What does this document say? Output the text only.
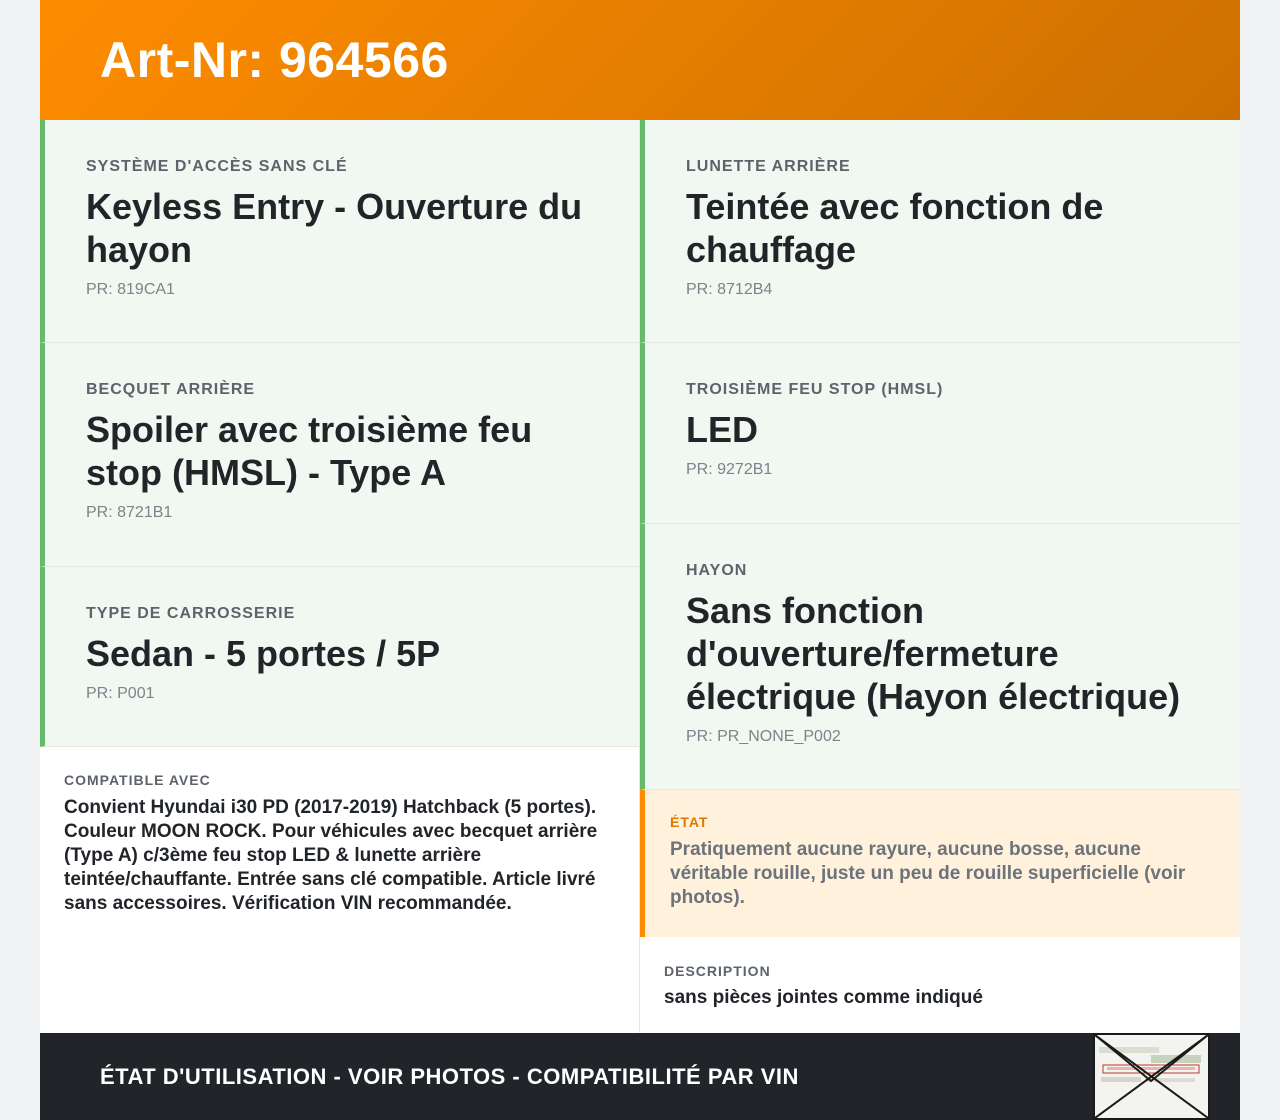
Art-Nr: 964566
SYSTÈME D'ACCÈS SANS CLÉ
Keyless Entry - Ouverture du hayon
PR: 819CA1
BECQUET ARRIÈRE
Spoiler avec troisième feu stop (HMSL) - Type A
PR: 8721B1
TYPE DE CARROSSERIE
Sedan - 5 portes / 5P
PR: P001
COMPATIBLE AVEC

Convient Hyundai i30 PD (2017-2019) Hatchback (5 portes). Couleur MOON ROCK. Pour véhicules avec becquet arrière (Type A) c/3ème feu stop LED & lunette arrière teintée/chauffante. Entrée sans clé compatible. Article livré sans accessoires. Vérification VIN recommandée.

LUNETTE ARRIÈRE
Teintée avec fonction de chauffage
PR: 8712B4
TROISIÈME FEU STOP (HMSL)
LED
PR: 9272B1
HAYON
Sans fonction d'ouverture/fermeture électrique (Hayon électrique)
PR: PR_NONE_P002
ÉTAT

Pratiquement aucune rayure, aucune bosse, aucune véritable rouille, juste un peu de rouille superficielle (voir photos).

DESCRIPTION

sans pièces jointes comme indiqué

ÉTAT D'UTILISATION - VOIR PHOTOS - COMPATIBILITÉ PAR VIN
